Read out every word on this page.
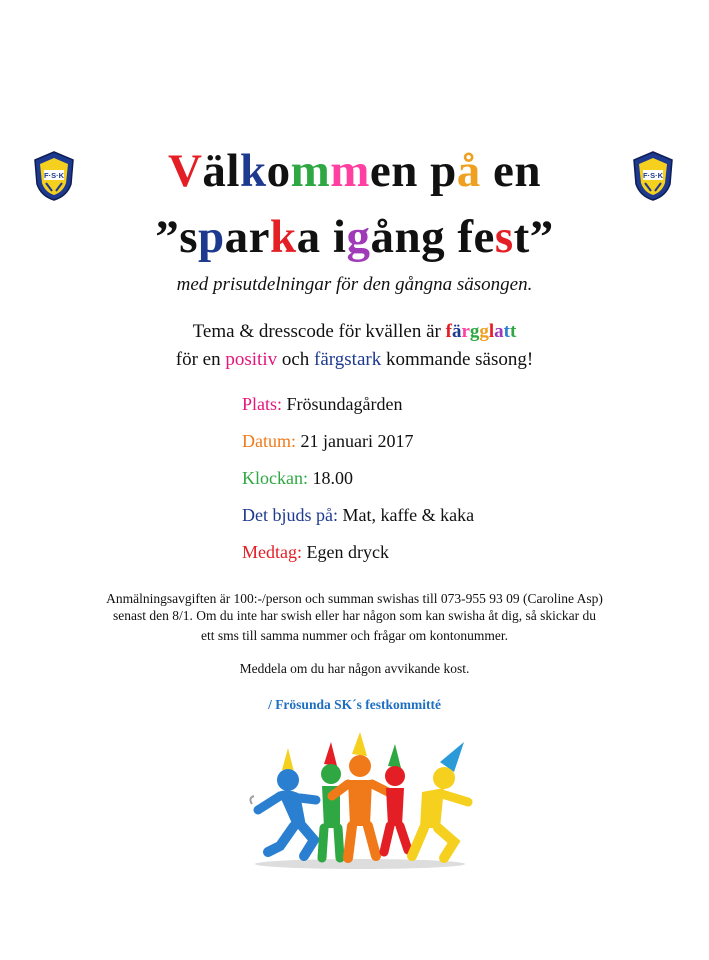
F·S·K	F·S·K
Välkommen på en
”sparka igång fest”
med prisutdelningar för den gångna säsongen.
Tema & dresscode för kvällen är färgglatt
för en positiv och färgstark kommande säsong!
Plats: Frösundagården
Datum: 21 januari 2017
Klockan: 18.00
Det bjuds på: Mat, kaffe & kaka
Medtag: Egen dryck
Anmälningsavgiften är 100:-/person och summan swishas till 073-955 93 09 (Caroline Asp)
senast den 8/1. Om du inte har swish eller har någon som kan swisha åt dig, så skickar du
ett sms till samma nummer och frågar om kontonummer.
Meddela om du har någon avvikande kost.
/ Frösunda SK´s festkommitté
